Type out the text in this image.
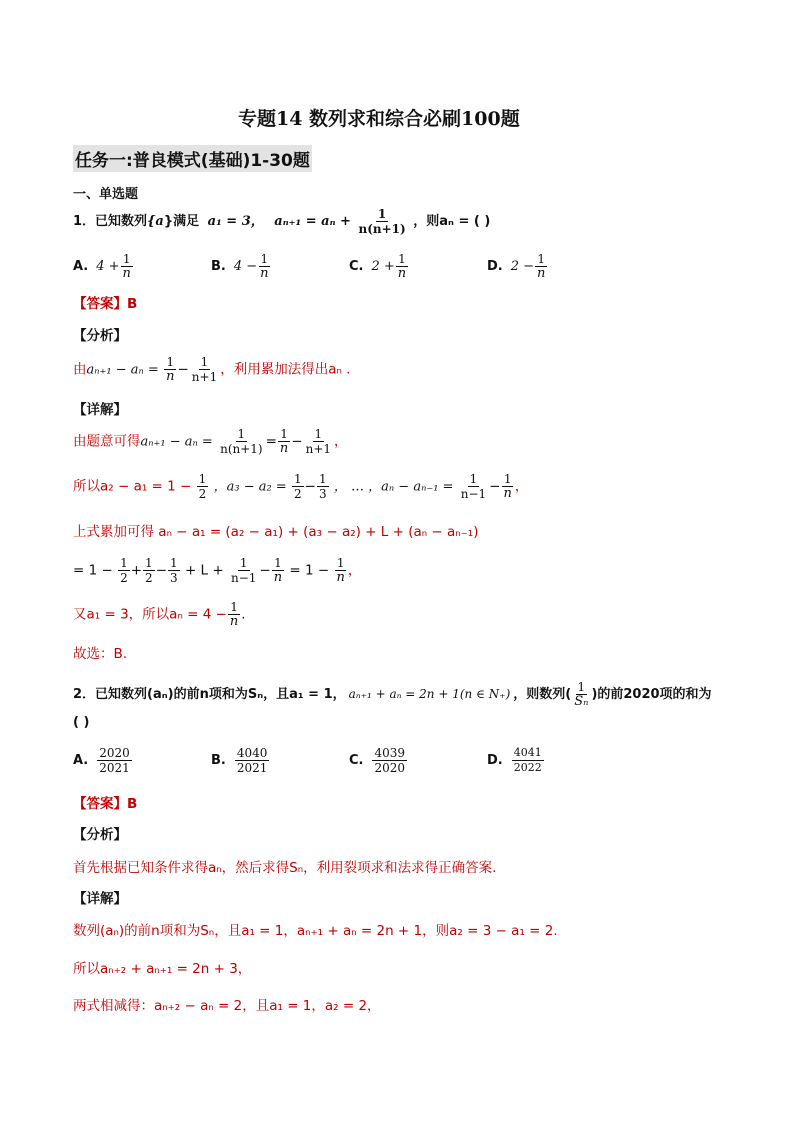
专题14 数列求和综合必刷100题
任务一:普良模式(基础)1-30题
一、单选题
1．已知数列{a}满足 a₁ = 3， $a_{n+1} = a_n + \frac{1}{n(n+1)}$ ，则aₙ = ( )
A. $4 + \frac{1}{n}$	B. $4 - \frac{1}{n}$	C. $2 + \frac{1}{n}$	D. $2 - \frac{1}{n}$
【答案】B
【分析】
由$a_{n+1} - a_n = \frac{1}{n} - \frac{1}{n+1}$ ，利用累加法得出aₙ .
【详解】
由题意可得$a_{n+1} - a_n = \frac{1}{n(n+1)} = \frac{1}{n} - \frac{1}{n+1}$ ，
所以$a_2 - a_1 = 1 - \frac{1}{2}$ ，$a_3 - a_2 = \frac{1}{2} - \frac{1}{3}$ ， … ，$a_n - a_{n-1} = \frac{1}{n-1} - \frac{1}{n}$ ，
上式累加可得 aₙ − a₁ = (a₂ − a₁) + (a₃ − a₂) + L + (aₙ − aₙ₋₁)
= $1 - \frac{1}{2} + \frac{1}{2} - \frac{1}{3} + L + \frac{1}{n-1} - \frac{1}{n} = 1 - \frac{1}{n}$ ，
又a₁ = 3，所以$a_n = 4 - \frac{1}{n}$ .
故选：B.
2．已知数列(aₙ)的前n项和为Sₙ，且a₁ = 1， aₙ₊₁ + aₙ = 2n + 1(n ∈ N₊) ，则数列( $\frac{1}{\text{Sₙ}}$ )的前2020项的和为
( )
A. $\frac{2020}{2021}$	B. $\frac{4040}{2021}$	C. $\frac{4039}{2020}$	D. $\frac{4041}{2022}$
【答案】B
【分析】
首先根据已知条件求得aₙ，然后求得Sₙ，利用裂项求和法求得正确答案.
【详解】
数列(aₙ)的前n项和为Sₙ，且a₁ = 1，aₙ₊₁ + aₙ = 2n + 1，则a₂ = 3 − a₁ = 2.
所以aₙ₊₂ + aₙ₊₁ = 2n + 3，
两式相减得：aₙ₊₂ − aₙ = 2，且a₁ = 1，a₂ = 2，
